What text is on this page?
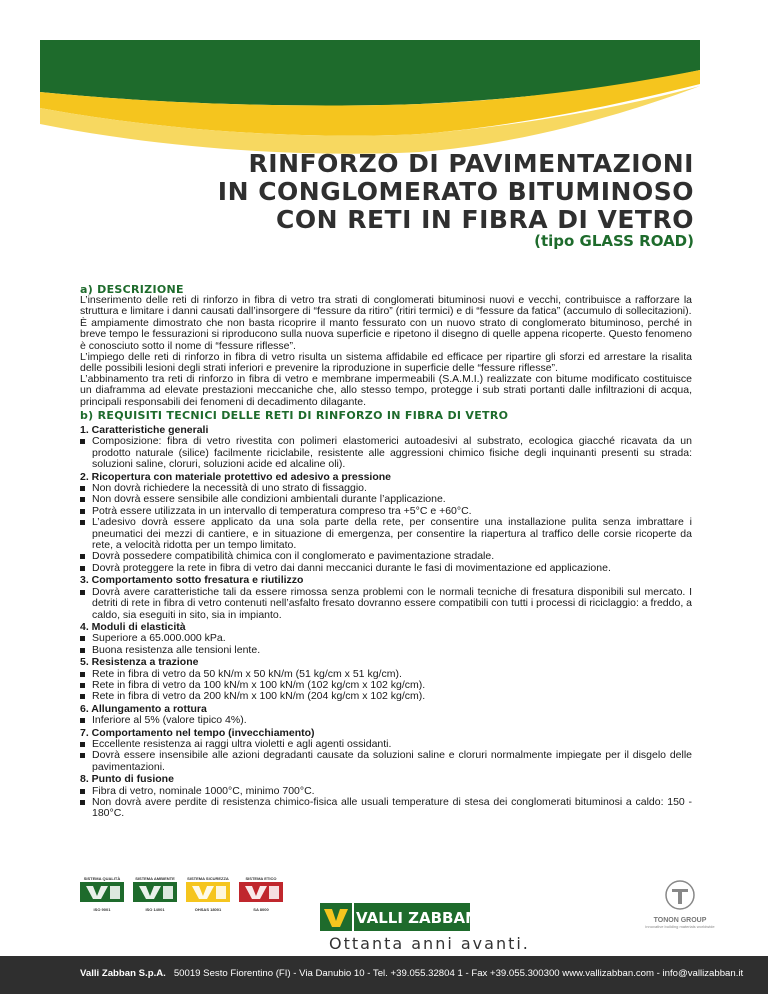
RINFORZO DI PAVIMENTAZIONI
IN CONGLOMERATO BITUMINOSO
CON RETI IN FIBRA DI VETRO
(tipo GLASS ROAD)
a) DESCRIZIONE

L’inserimento delle reti di rinforzo in fibra di vetro tra strati di conglomerati bituminosi nuovi e vecchi, contribuisce a rafforzare la struttura e limitare i danni causati dall’insorgere di “fessure da ritiro” (ritiri termici) e di “fessure da fatica” (accumulo di sollecitazioni).

È ampiamente dimostrato che non basta ricoprire il manto fessurato con un nuovo strato di conglomerato bituminoso, perché in breve tempo le fessurazioni si riproducono sulla nuova superficie e ripetono il disegno di quelle appena ricoperte. Questo fenomeno è conosciuto sotto il nome di “fessure riflesse”.

L’impiego delle reti di rinforzo in fibra di vetro risulta un sistema affidabile ed efficace per ripartire gli sforzi ed arrestare la risalita delle possibili lesioni degli strati inferiori e prevenire la riproduzione in superficie delle “fessure riflesse”.

L’abbinamento tra reti di rinforzo in fibra di vetro e membrane impermeabili (S.A.M.I.) realizzate con bitume modificato costituisce un diaframma ad elevate prestazioni meccaniche che, allo stesso tempo, protegge i sub strati portanti dalle infiltrazioni di acqua, principali responsabili dei fenomeni di decadimento dilagante.
b) REQUISITI TECNICI DELLE RETI DI RINFORZO IN FIBRA DI VETRO
1. Caratteristiche generali
Composizione: fibra di vetro rivestita con polimeri elastomerici autoadesivi al substrato, ecologica giacché ricavata da un prodotto naturale (silice) facilmente riciclabile, resistente alle aggressioni chimico fisiche degli inquinanti presenti su strada: soluzioni saline, cloruri, soluzioni acide ed alcaline oli).
2. Ricopertura con materiale protettivo ed adesivo a pressione
Non dovrà richiedere la necessità di uno strato di fissaggio.
Non dovrà essere sensibile alle condizioni ambientali durante l’applicazione.
Potrà essere utilizzata in un intervallo di temperatura compreso tra +5°C e +60°C.
L’adesivo dovrà essere applicato da una sola parte della rete, per consentire una installazione pulita senza imbrattare i pneumatici dei mezzi di cantiere, e in situazione di emergenza, per consentire la riapertura al traffico delle corsie ricoperte da rete, a velocità ridotta per un tempo limitato.
Dovrà possedere compatibilità chimica con il conglomerato e pavimentazione stradale.
Dovrà proteggere la rete in fibra di vetro dai danni meccanici durante le fasi di movimentazione ed applicazione.
3. Comportamento sotto fresatura e riutilizzo
Dovrà avere caratteristiche tali da essere rimossa senza problemi con le normali tecniche di fresatura disponibili sul mercato. I detriti di rete in fibra di vetro contenuti nell’asfalto fresato dovranno essere compatibili con tutti i processi di riciclaggio: a freddo, a caldo, sia eseguiti in sito, sia in impianto.
4. Moduli di elasticità
Superiore a 65.000.000 kPa.
Buona resistenza alle tensioni lente.
5. Resistenza a trazione
Rete in fibra di vetro da 50 kN/m x 50 kN/m (51 kg/cm x 51 kg/cm).
Rete in fibra di vetro da 100 kN/m x 100 kN/m (102 kg/cm x 102 kg/cm).
Rete in fibra di vetro da 200 kN/m x 100 kN/m (204 kg/cm x 102 kg/cm).
6. Allungamento a rottura
Inferiore al 5% (valore tipico 4%).
7. Comportamento nel tempo (invecchiamento)
Eccellente resistenza ai raggi ultra violetti e agli agenti ossidanti.
Dovrà essere insensibile alle azioni degradanti causate da soluzioni saline e cloruri normalmente impiegate per il disgelo delle pavimentazioni.
8. Punto di fusione
Fibra di vetro, nominale 1000°C, minimo 700°C.
Non dovrà avere perdite di resistenza chimico-fisica alle usuali temperature di stesa dei conglomerati bituminosi a caldo: 150 - 180°C.
SISTEMA QUALITÀ
ISO 9001
SISTEMA AMBIENTE
ISO 14001
SISTEMA SICUREZZA
OHSAS 18001
SISTEMA ETICO
SA 8000	VALLI ZABBAN
Ottanta anni avanti.
TONON GROUP
innovative building materials worldwide
Valli Zabban S.p.A. 50019 Sesto Fiorentino (FI) - Via Danubio 10 - Tel. +39.055.32804 1 - Fax +39.055.300300 www.vallizabban.com - info@vallizabban.it
